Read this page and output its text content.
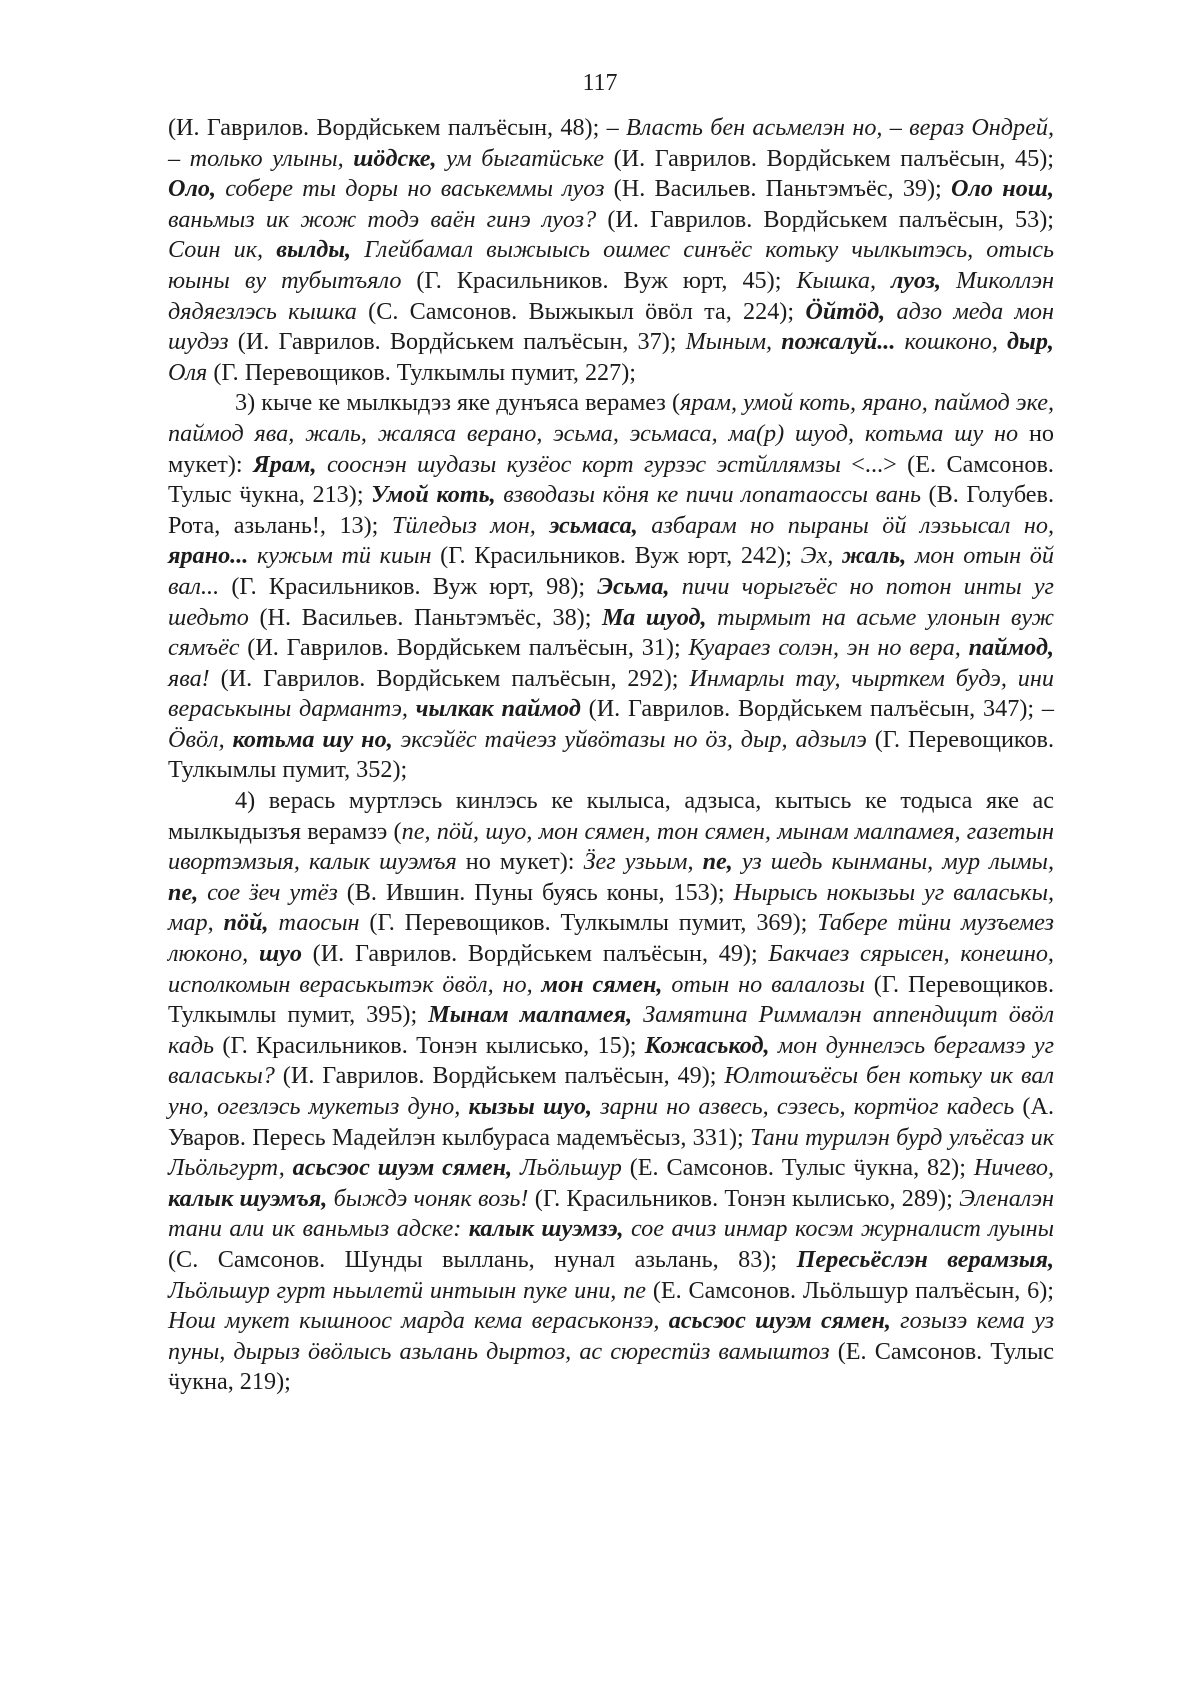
117

(И. Гаврилов. Вордйськем палъёсын, 48); – Власть бен асьмелэн но, – вераз Ондрей, – только улыны, шӧдске, ум быгатӥське (И. Гаврилов. Вордйськем палъёсын, 45); Оло, собере ты доры но васькеммы луоз (Н. Васильев. Паньтэмъёс, 39); Оло нош, ваньмыз ик жож тодэ ваён гинэ луоз? (И. Гаврилов. Вордйськем палъёсын, 53); Соин ик, вылды, Глейбамал выжыысь ошмес синъёс котьку чылкытэсь, отысь юыны ву тубытъяло (Г. Красильников. Вуж юрт, 45); Кышка, луоз, Миколлэн дядяезлэсь кышка (С. Самсонов. Выжыкыл ӧвӧл та, 224); Ӧйтӧд, адзо меда мон шудэз (И. Гаврилов. Вордйськем палъёсын, 37); Мыным, пожалуй... кошконо, дыр, Оля (Г. Перевощиков. Тулкымлы пумит, 227);

3) кыче ке мылкыдэз яке дунъяса верамез (ярам, умой коть, ярано, паймод эке, паймод ява, жаль, жаляса верано, эсьма, эсьмаса, ма(р) шуод, котьма шу но но мукет): Ярам, сооснэн шудазы кузёос корт гурзэс эстйллямзы <...> (Е. Самсонов. Тулыс ӵукна, 213); Умой коть, взводазы кӧня ке пичи лопатаоссы вань (В. Голубев. Рота, азьлань!, 13); Тӥледыз мон, эсьмаса, азбарам но пыраны ӧй лэзьысал но, ярано... кужым тӥ киын (Г. Красильников. Вуж юрт, 242); Эх, жаль, мон отын ӧй вал... (Г. Красильников. Вуж юрт, 98); Эсьма, пичи чорыгъёс но потон инты уг шедьто (Н. Васильев. Паньтэмъёс, 38); Ма шуод, тырмыт на асьме улонын вуж сямъёс (И. Гаврилов. Вордйськем палъёсын, 31); Куараез солэн, эн но вера, паймод, ява! (И. Гаврилов. Вордйськем палъёсын, 292); Инмарлы тау, чырткем будэ, ини вераськыны дармантэ, чылкак паймод (И. Гаврилов. Вордйськем палъёсын, 347); – Ӧвӧл, котьма шу но, эксэйёс таӵеэз уйвӧтазы но ӧз, дыр, адзылэ (Г. Перевощиков. Тулкымлы пумит, 352);

4) верась муртлэсь кинлэсь ке кылыса, адзыса, кытысь ке тодыса яке ас мылкыдызъя верамзэ (пе, пӧй, шуо, мон сямен, тон сямен, мынам малпамея, газетын ивортэмзыя, калык шуэмъя но мукет): Ӟег узьым, пе, уз шедь кынманы, мур лымы, пе, сое ӟеч утёз (В. Ившин. Пуны буясь коны, 153); Нырысь нокызьы уг валаськы, мар, пӧй, таосын (Г. Перевощиков. Тулкымлы пумит, 369); Табере тӥни музъемез люконо, шуо (И. Гаврилов. Вордйськем палъёсын, 49); Бакчаез сярысен, конешно, исполкомын вераськытэк ӧвӧл, но, мон сямен, отын но валалозы (Г. Перевощиков. Тулкымлы пумит, 395); Мынам малпамея, Замятина Риммалэн аппендицит ӧвӧл кадь (Г. Красильников. Тонэн кылисько, 15); Кожаськод, мон дуннелэсь бергамзэ уг валаськы? (И. Гаврилов. Вордйськем палъёсын, 49); Юлтошъёсы бен котьку ик вал уно, огезлэсь мукетыз дуно, кызьы шуо, зарни но азвесь, сэзесь, кортӵог кадесь (А. Уваров. Пересь Мадейлэн кылбураса мадемъёсыз, 331); Тани турилэн бурд улъёсаз ик Льӧльгурт, асьсэос шуэм сямен, Льӧльшур (Е. Самсонов. Тулыс ӵукна, 82); Ничево, калык шуэмъя, быждэ чоняк возь! (Г. Красильников. Тонэн кылисько, 289); Эленалэн тани али ик ваньмыз адске: калык шуэмзэ, сое ачиз инмар косэм журналист луыны (С. Самсонов. Шунды выллань, нунал азьлань, 83); Пересьёслэн верамзыя, Льӧльшур гурт ньылетӥ интыын пуке ини, пе (Е. Самсонов. Льӧльшур палъёсын, 6); Нош мукет кышноос марда кема вераськонзэ, асьсэос шуэм сямен, гозызэ кема уз пуны, дырыз ӧвӧлысь азьлань дыртоз, ас сюрестӥз вамыштоз (Е. Самсонов. Тулыс ӵукна, 219);
